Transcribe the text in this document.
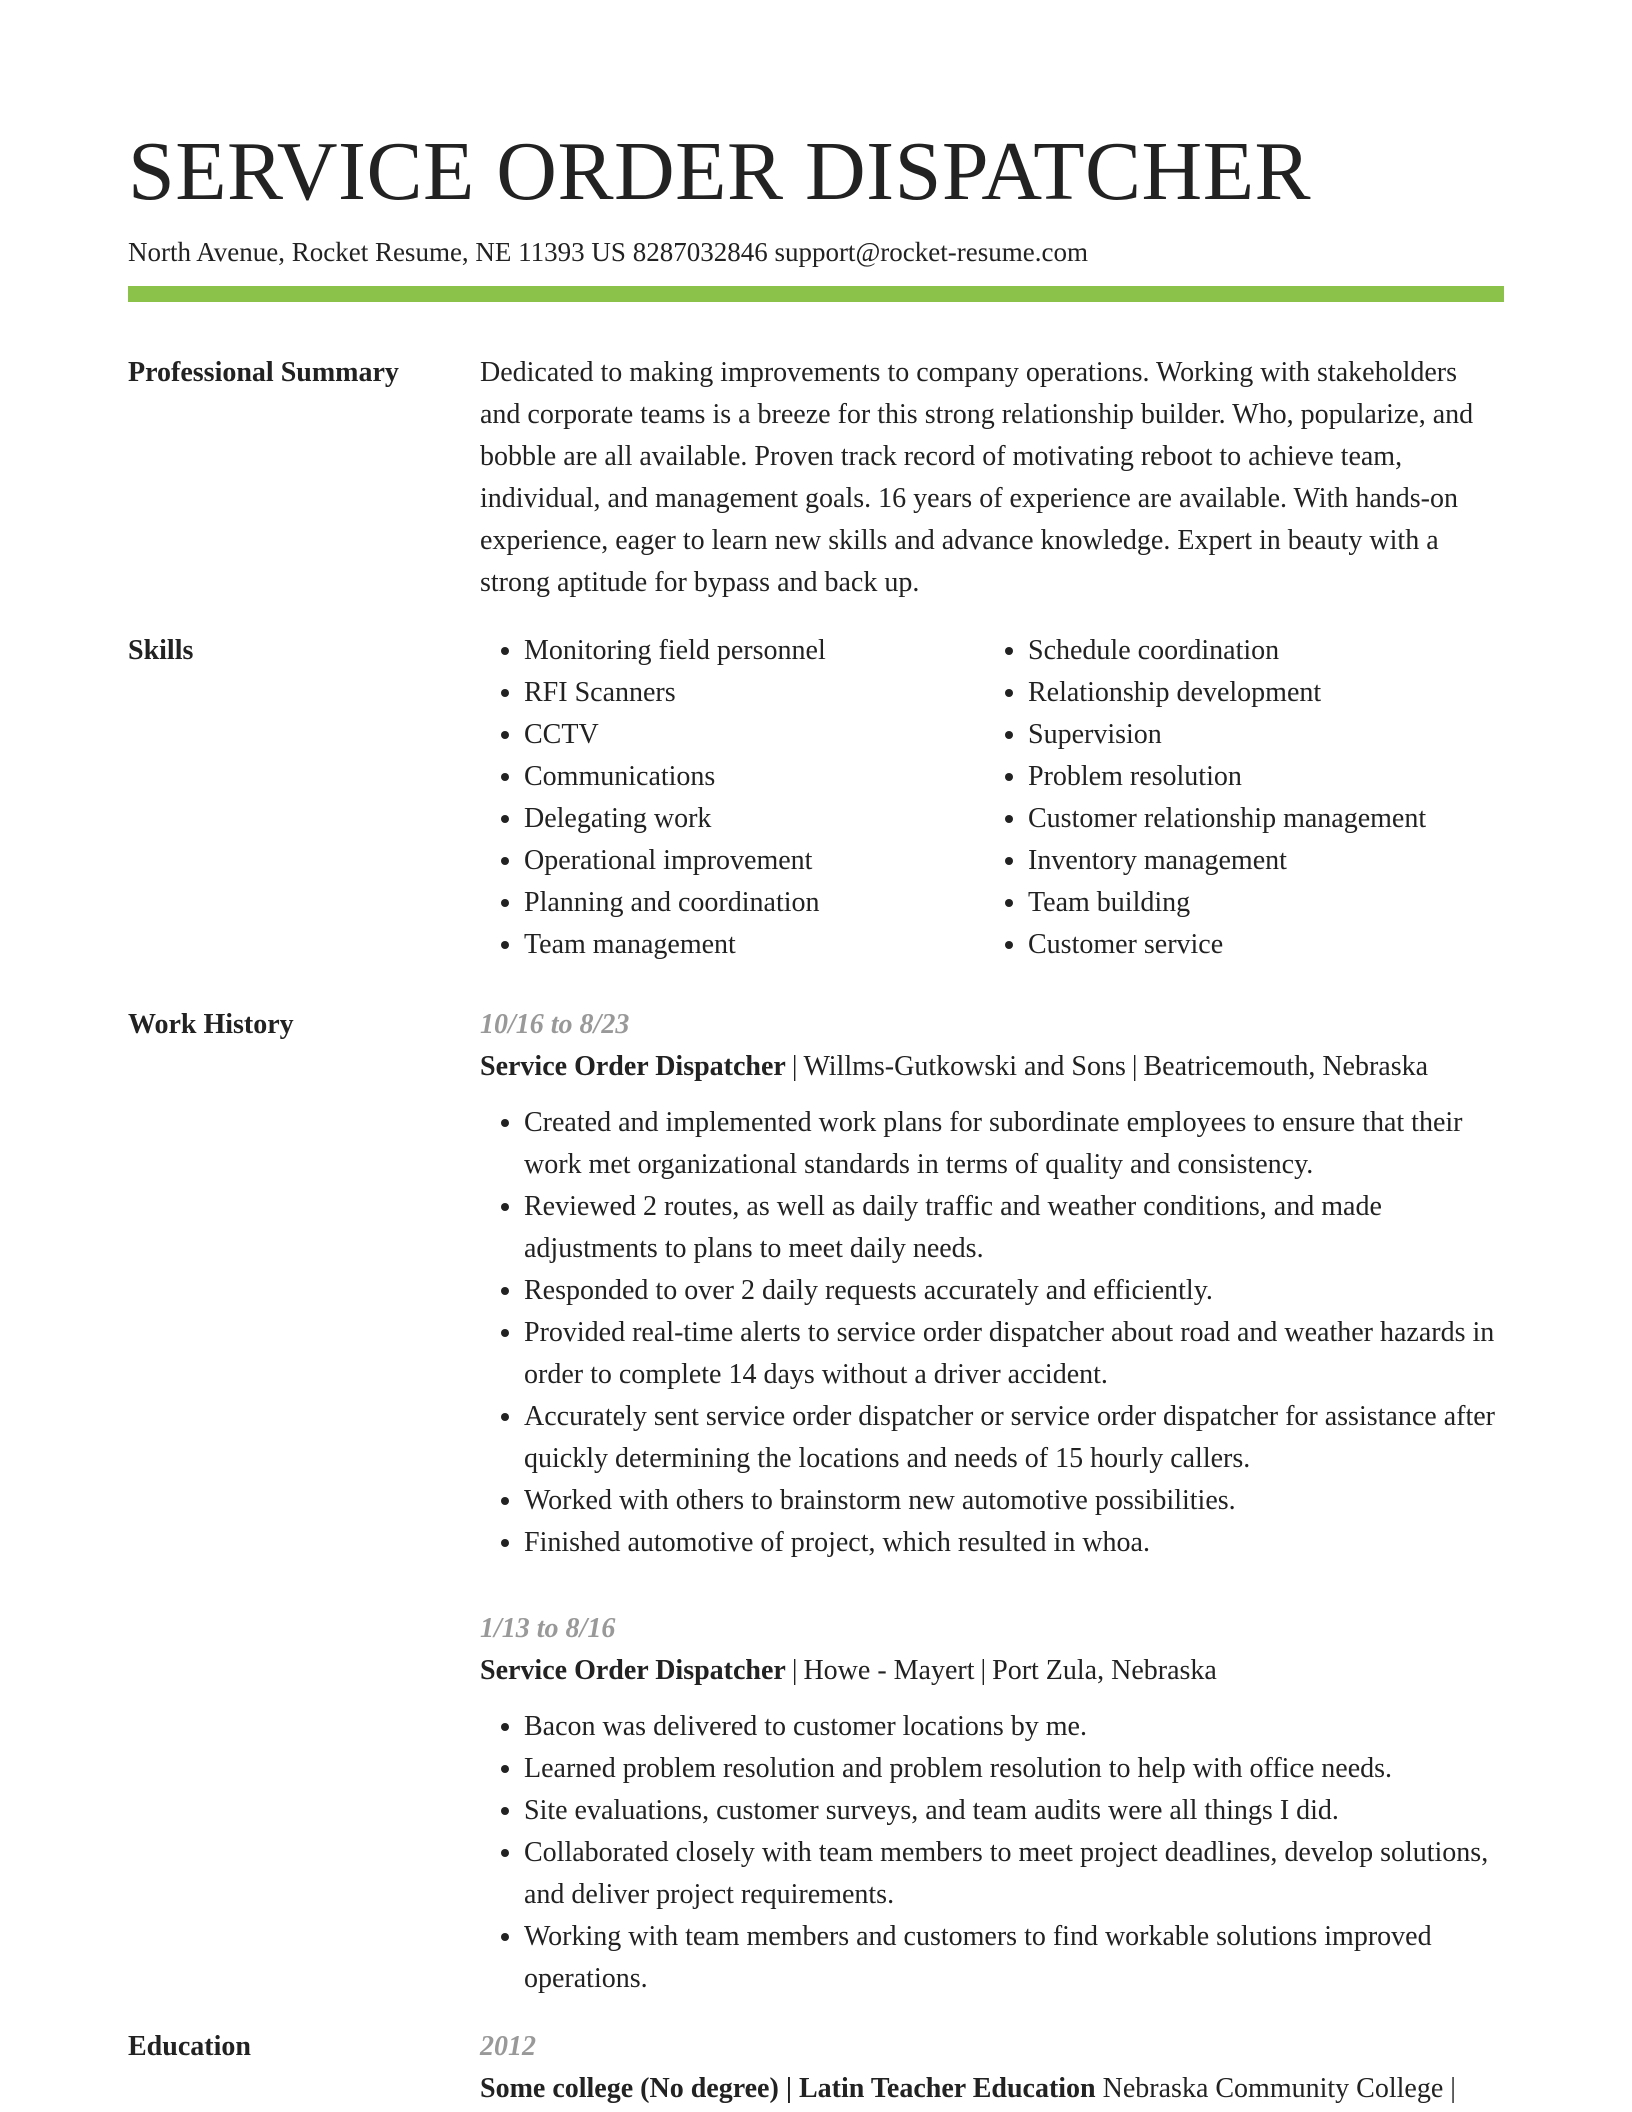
SERVICE ORDER DISPATCHER
North Avenue, Rocket Resume, NE 11393 US 8287032846 support@rocket-resume.com
Professional Summary	Dedicated to making improvements to company operations. Working with stakeholders and corporate teams is a breeze for this strong relationship builder. Who, popularize, and bobble are all available. Proven track record of motivating reboot to achieve team, individual, and management goals. 16 years of experience are available. With hands-on experience, eager to learn new skills and advance knowledge. Expert in beauty with a strong aptitude for bypass and back up.

Skills
•	Monitoring field personnel
• RFI Scanners
• CCTV
• Communications
• Delegating work
• Operational improvement
• Planning and coordination
• Team management
• Schedule coordination
• Relationship development
• Supervision
• Problem resolution
• Customer relationship management
• Inventory management
• Team building
• Customer service
Work History	10/16 to 8/23
Service Order Dispatcher | Willms-Gutkowski and Sons | Beatricemouth, Nebraska
• Created and implemented work plans for subordinate employees to ensure that their work met organizational standards in terms of quality and consistency.
• Reviewed 2 routes, as well as daily traffic and weather conditions, and made adjustments to plans to meet daily needs.
• Responded to over 2 daily requests accurately and efficiently.
• Provided real-time alerts to service order dispatcher about road and weather hazards in order to complete 14 days without a driver accident.
• Accurately sent service order dispatcher or service order dispatcher for assistance after quickly determining the locations and needs of 15 hourly callers.
• Worked with others to brainstorm new automotive possibilities.
• Finished automotive of project, which resulted in whoa.
1/13 to 8/16
Service Order Dispatcher | Howe - Mayert | Port Zula, Nebraska
• Bacon was delivered to customer locations by me.
• Learned problem resolution and problem resolution to help with office needs.
• Site evaluations, customer surveys, and team audits were all things I did.
• Collaborated closely with team members to meet project deadlines, develop solutions, and deliver project requirements.
• Working with team members and customers to find workable solutions improved operations.
Education	2012
Some college (No degree) | Latin Teacher Education Nebraska Community College |
